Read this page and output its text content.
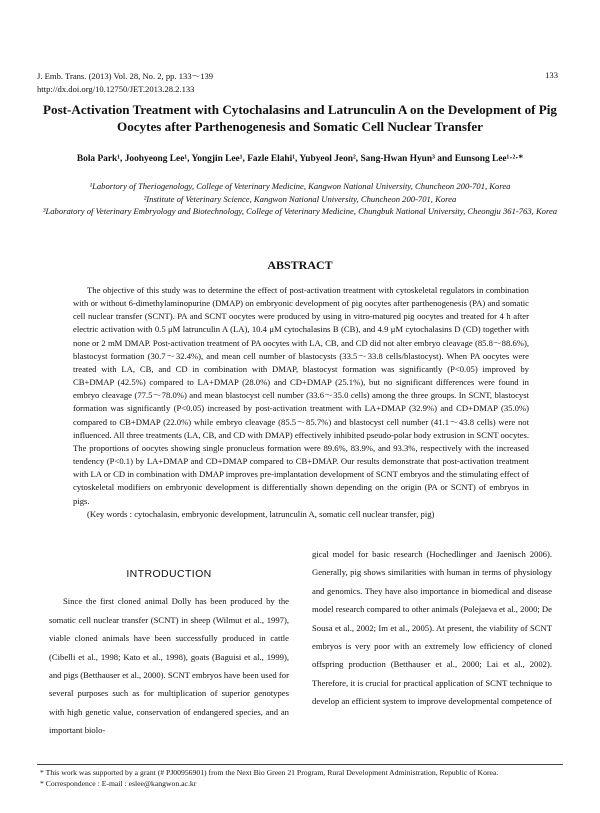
J. Emb. Trans. (2013) Vol. 28, No. 2, pp. 133～139
http://dx.doi.org/10.12750/JET.2013.28.2.133
133
Post-Activation Treatment with Cytochalasins and Latrunculin A on the Development of Pig Oocytes after Parthenogenesis and Somatic Cell Nuclear Transfer
Bola Park¹, Joohyeong Lee¹, Yongjin Lee¹, Fazle Elahi¹, Yubyeol Jeon², Sang-Hwan Hyun³ and Eunsong Lee¹·²·*
¹Labortory of Theriogenology, College of Veterinary Medicine, Kangwon National University, Chuncheon 200-701, Korea
²Institute of Veterinary Science, Kangwon National University, Chuncheon 200-701, Korea
³Laboratory of Veterinary Embryology and Biotechnology, College of Veterinary Medicine, Chungbuk National University, Cheongju 361-763, Korea
ABSTRACT

The objective of this study was to determine the effect of post-activation treatment with cytoskeletal regulators in combination with or without 6-dimethylaminopurine (DMAP) on embryonic development of pig oocytes after parthenogenesis (PA) and somatic cell nuclear transfer (SCNT). PA and SCNT oocytes were produced by using in vitro-matured pig oocytes and treated for 4 h after electric activation with 0.5 μM latrunculin A (LA), 10.4 μM cytochalasins B (CB), and 4.9 μM cytochalasins D (CD) together with none or 2 mM DMAP. Post-activation treatment of PA oocytes with LA, CB, and CD did not alter embryo cleavage (85.8～88.6%), blastocyst formation (30.7～32.4%), and mean cell number of blastocysts (33.5～33.8 cells/blastocyst). When PA oocytes were treated with LA, CB, and CD in combination with DMAP, blastocyst formation was significantly (P<0.05) improved by CB+DMAP (42.5%) compared to LA+DMAP (28.0%) and CD+DMAP (25.1%), but no significant differences were found in embryo cleavage (77.5～78.0%) and mean blastocyst cell number (33.6～35.0 cells) among the three groups. In SCNT, blastocyst formation was significantly (P<0.05) increased by post-activation treatment with LA+DMAP (32.9%) and CD+DMAP (35.0%) compared to CB+DMAP (22.0%) while embryo cleavage (85.5～85.7%) and blastocyst cell number (41.1～43.8 cells) were not influenced. All three treatments (LA, CB, and CD with DMAP) effectively inhibited pseudo-polar body extrusion in SCNT oocytes. The proportions of oocytes showing single pronucleus formation were 89.6%, 83.9%, and 93.3%, respectively with the increased tendency (P<0.1) by LA+DMAP and CD+DMAP compared to CB+DMAP. Our results demonstrate that post-activation treatment with LA or CD in combination with DMAP improves pre-implantation development of SCNT embryos and the stimulating effect of cytoskeletal modifiers on embryonic development is differentially shown depending on the origin (PA or SCNT) of embryos in pigs.

(Key words : cytochalasin, embryonic development, latrunculin A, somatic cell nuclear transfer, pig)

INTRODUCTION

Since the first cloned animal Dolly has been produced by the somatic cell nuclear transfer (SCNT) in sheep (Wilmut et al., 1997), viable cloned animals have been successfully produced in cattle (Cibelli et al., 1998; Kato et al., 1998), goats (Baguisi et al., 1999), and pigs (Betthauser et al., 2000). SCNT embryos have been used for several purposes such as for multiplication of superior genotypes with high genetic value, conservation of endangered species, and an important biolo-

gical model for basic research (Hochedlinger and Jaenisch 2006). Generally, pig shows similarities with human in terms of physiology and genomics. They have also importance in biomedical and disease model research compared to other animals (Polejaeva et al., 2000; De Sousa et al., 2002; Im et al., 2005). At present, the viability of SCNT embryos is very poor with an extremely low efficiency of cloned offspring production (Betthauser et al., 2000; Lai et al., 2002). Therefore, it is crucial for practical application of SCNT technique to develop an efficient system to improve developmental competence of

* This work was supported by a grant (# PJ00956901) from the Next Bio Green 21 Program, Rural Development Administration, Republic of Korea.
* Correspondence : E-mail : eslee@kangwon.ac.kr
